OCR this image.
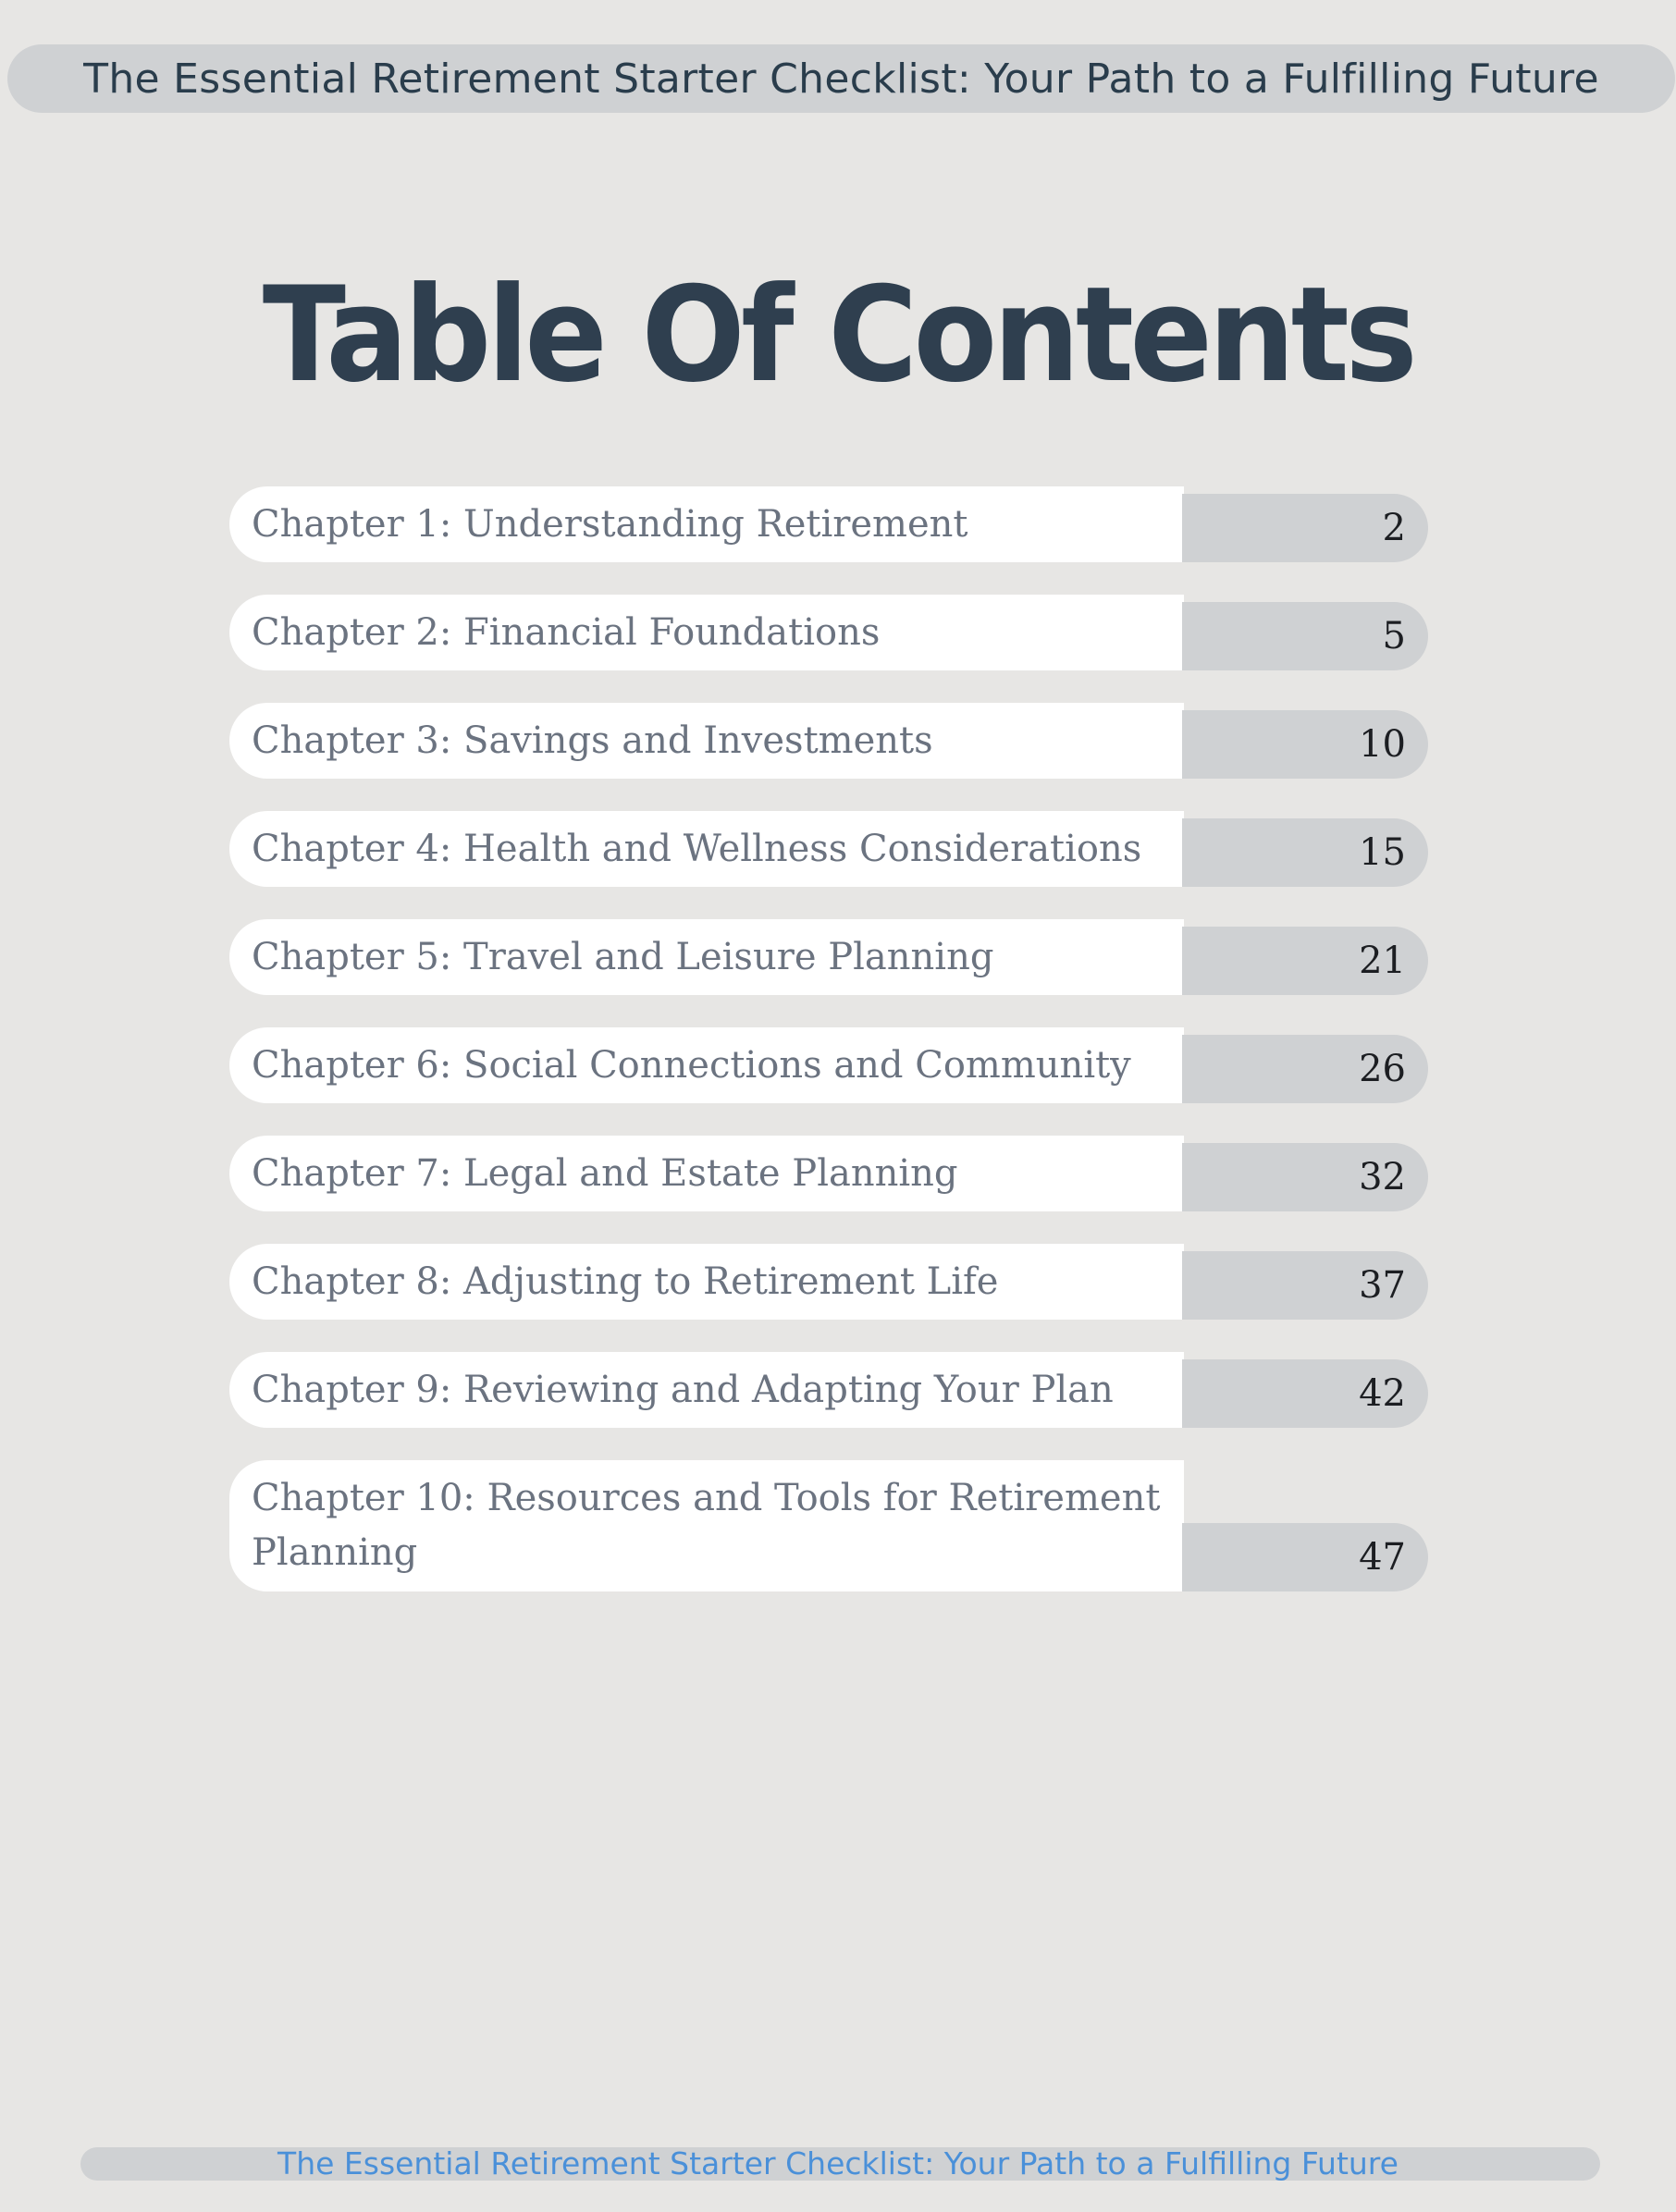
The Essential Retirement Starter Checklist: Your Path to a Fulfilling Future
Table Of Contents
Chapter 1: Understanding Retirement	2
Chapter 2: Financial Foundations	5
Chapter 3: Savings and Investments	10
Chapter 4: Health and Wellness Considerations	15
Chapter 5: Travel and Leisure Planning	21
Chapter 6: Social Connections and Community	26
Chapter 7: Legal and Estate Planning	32
Chapter 8: Adjusting to Retirement Life	37
Chapter 9: Reviewing and Adapting Your Plan	42
Chapter 10: Resources and Tools for Retirement Planning	47
The Essential Retirement Starter Checklist: Your Path to a Fulfilling Future
